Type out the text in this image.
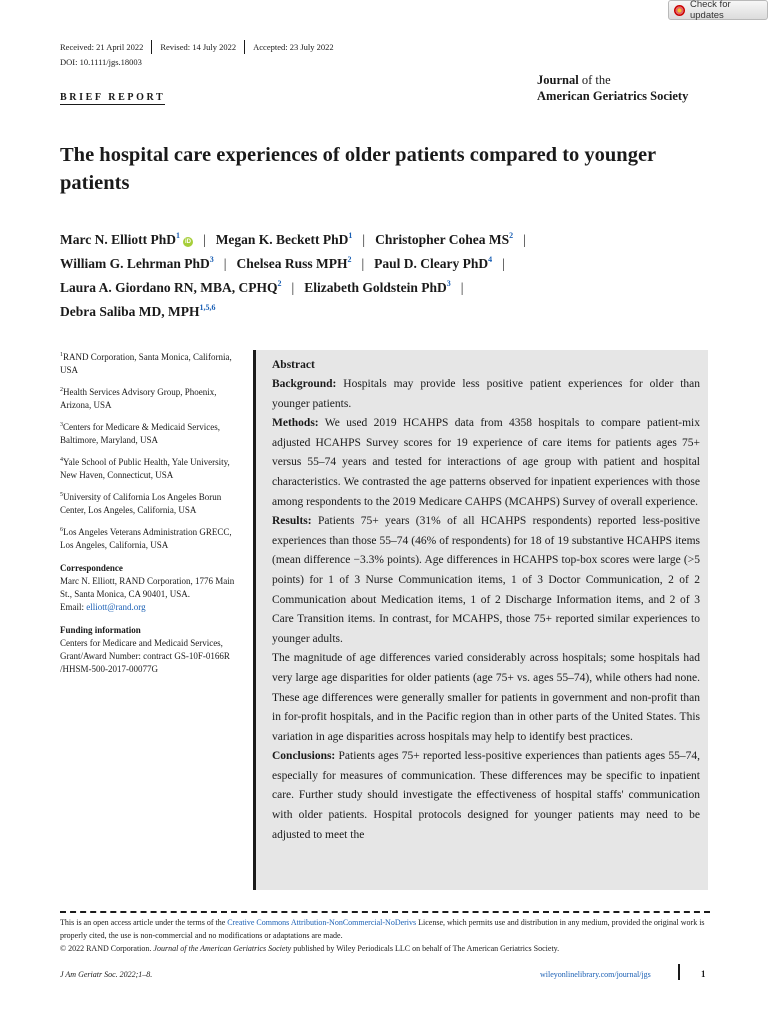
Check for updates
Received: 21 April 2022	Revised: 14 July 2022	Accepted: 23 July 2022
DOI: 10.1111/jgs.18003
Journal of the
American Geriatrics Society
BRIEF REPORT
The hospital care experiences of older patients compared to younger patients
Marc N. Elliott PhD$^1$iD | Megan K. Beckett PhD$^1$ | Christopher Cohea $MS^2$ |
William G. Lehrman PhD$^3$ | Chelsea Russ MPH$^2$ | Paul D. Cleary PhD$^4$ |
Laura A. Giordano RN, MBA, CPHQ$^2$ | Elizabeth Goldstein PhD$^3$ |
Debra Saliba MD, MPH$^{1,5,6}$
$^1$RAND Corporation, Santa Monica, California, USA
$^2$Health Services Advisory Group, Phoenix, Arizona, USA
$^3$Centers for Medicare & Medicaid Services, Baltimore, Maryland, USA
$^4$Yale School of Public Health, Yale University, New Haven, Connecticut, USA
$^5$University of California Los Angeles Borun Center, Los Angeles, California, USA
$^6$Los Angeles Veterans Administration GRECC, Los Angeles, California, USA
Correspondence
Marc N. Elliott, RAND Corporation, 1776 Main St., Santa Monica, CA 90401, USA.
Email: elliott@rand.org
Funding information
Centers for Medicare and Medicaid Services, Grant/Award Number: contract GS-10F-0166R /HHSM-500-2017-00077G
Abstract

Background: Hospitals may provide less positive patient experiences for older than younger patients.

Methods: We used 2019 HCAHPS data from 4358 hospitals to compare patient-mix adjusted HCAHPS Survey scores for 19 experience of care items for patients ages 75+ versus 55–74 years and tested for interactions of age group with patient and hospital characteristics. We contrasted the age patterns observed for inpatient experiences with those among respondents to the 2019 Medicare CAHPS (MCAHPS) Survey of overall experience.

Results: Patients 75+ years (31% of all HCAHPS respondents) reported less-positive experiences than those 55–74 (46% of respondents) for 18 of 19 substantive HCAHPS items (mean difference −3.3% points). Age differences in HCAHPS top-box scores were large (>5 points) for 1 of 3 Nurse Communication items, 1 of 3 Doctor Communication, 2 of 2 Communication about Medication items, 1 of 2 Discharge Information items, and 2 of 3 Care Transition items. In contrast, for MCAHPS, those 75+ reported similar experiences to younger adults.

The magnitude of age differences varied considerably across hospitals; some hospitals had very large age disparities for older patients (age 75+ vs. ages 55–74), while others had none. These age differences were generally smaller for patients in government and non-profit than in for-profit hospitals, and in the Pacific region than in other parts of the United States. This variation in age disparities across hospitals may help to identify best practices.

Conclusions: Patients ages 75+ reported less-positive experiences than patients ages 55–74, especially for measures of communication. These differences may be specific to inpatient care. Further study should investigate the effectiveness of hospital staffs' communication with older patients. Hospital protocols designed for younger patients may need to be adjusted to meet the

This is an open access article under the terms of the Creative Commons Attribution-NonCommercial-NoDerivs License, which permits use and distribution in any medium, provided the original work is properly cited, the use is non-commercial and no modifications or adaptations are made.
© 2022 RAND Corporation. Journal of the American Geriatrics Society published by Wiley Periodicals LLC on behalf of The American Geriatrics Society.
J Am Geriatr Soc. 2022;1–8.	wileyonlinelibrary.com/journal/jgs	1
